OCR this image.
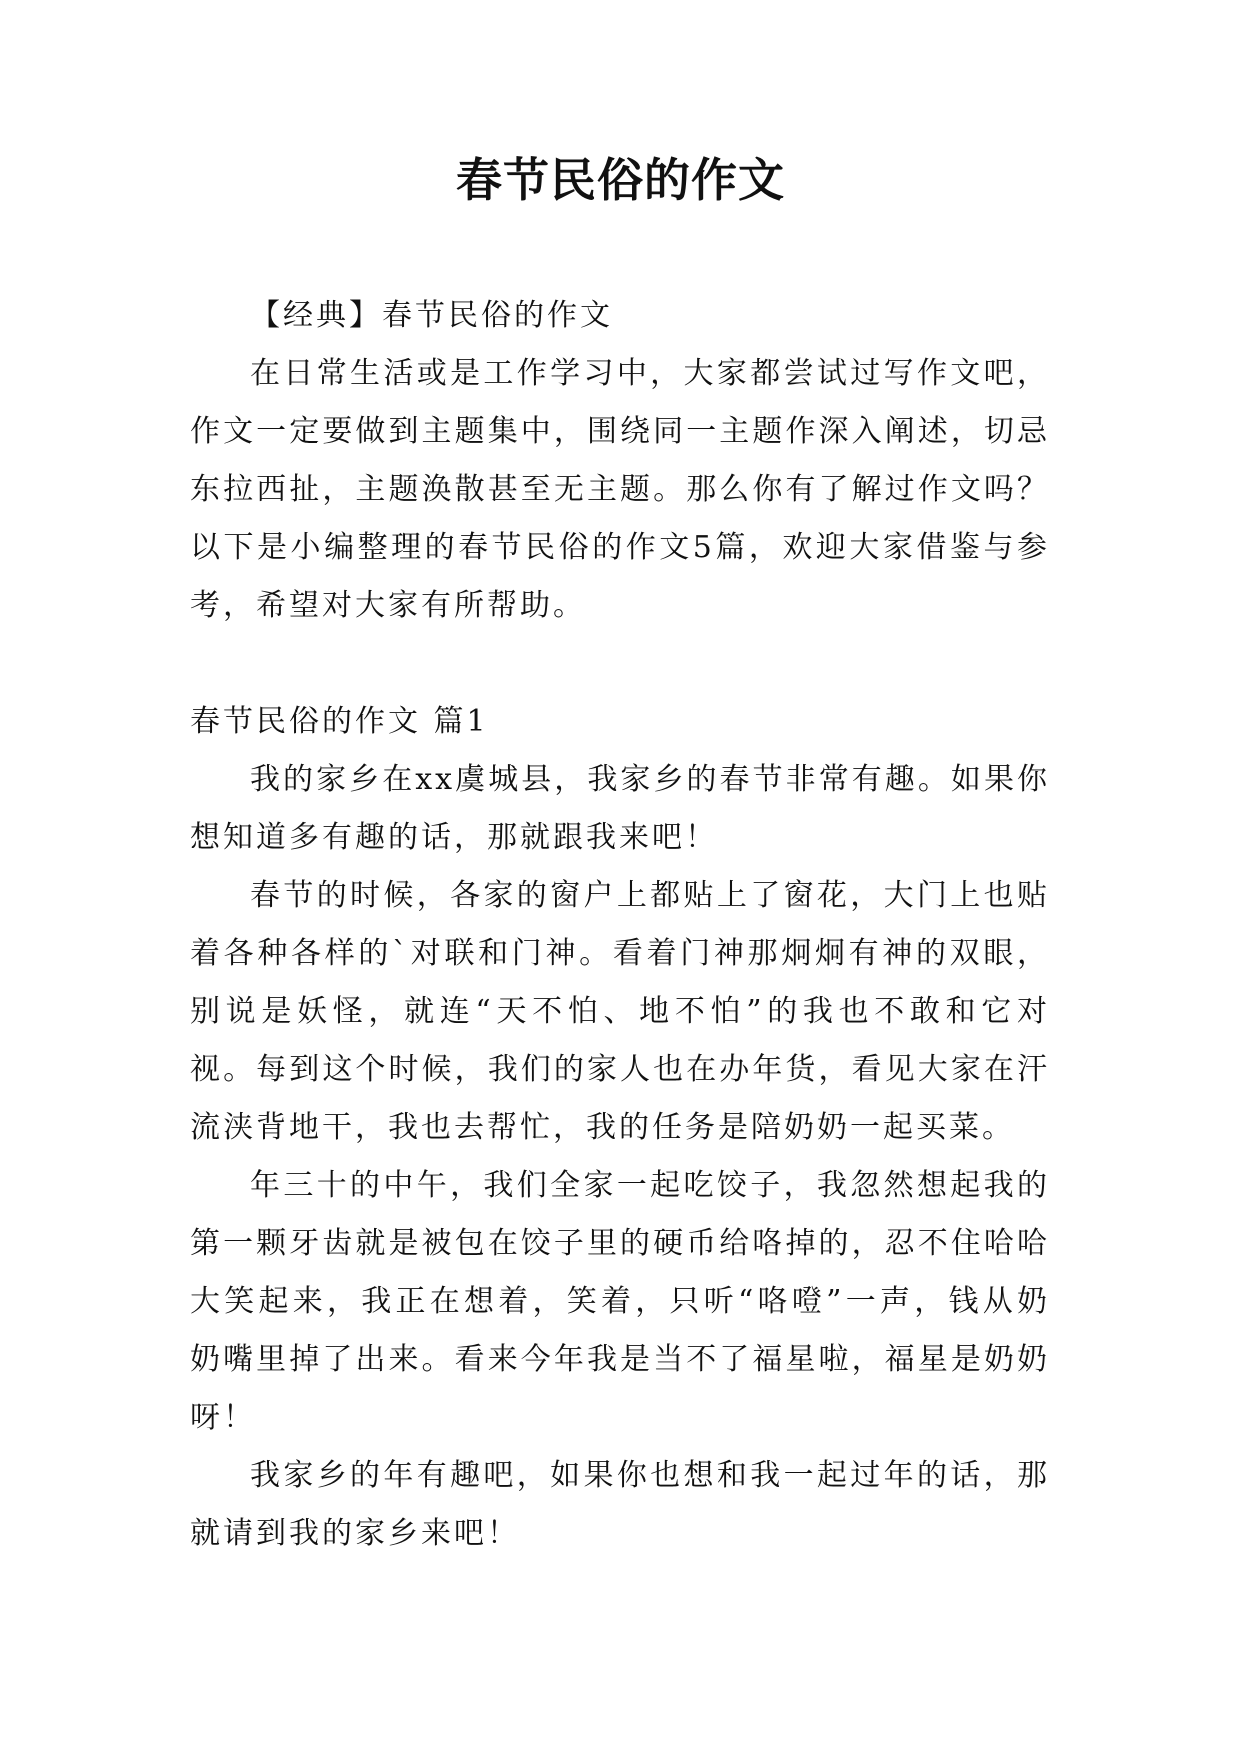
春节民俗的作文

【经典】春节民俗的作文

在日常生活或是工作学习中，大家都尝试过写作文吧，作文一定要做到主题集中，围绕同一主题作深入阐述，切忌东拉西扯，主题涣散甚至无主题。那么你有了解过作文吗？以下是小编整理的春节民俗的作文5篇，欢迎大家借鉴与参考，希望对大家有所帮助。

春节民俗的作文 篇1

我的家乡在xx虞城县，我家乡的春节非常有趣。如果你想知道多有趣的话，那就跟我来吧！

春节的时候，各家的窗户上都贴上了窗花，大门上也贴着各种各样的`对联和门神。看着门神那炯炯有神的双眼，别说是妖怪，就连“天不怕、地不怕”的我也不敢和它对视。每到这个时候，我们的家人也在办年货，看见大家在汗流浃背地干，我也去帮忙，我的任务是陪奶奶一起买菜。

年三十的中午，我们全家一起吃饺子，我忽然想起我的第一颗牙齿就是被包在饺子里的硬币给咯掉的，忍不住哈哈大笑起来，我正在想着，笑着，只听“咯噔”一声，钱从奶奶嘴里掉了出来。看来今年我是当不了福星啦，福星是奶奶呀！

我家乡的年有趣吧，如果你也想和我一起过年的话，那就请到我的家乡来吧！
